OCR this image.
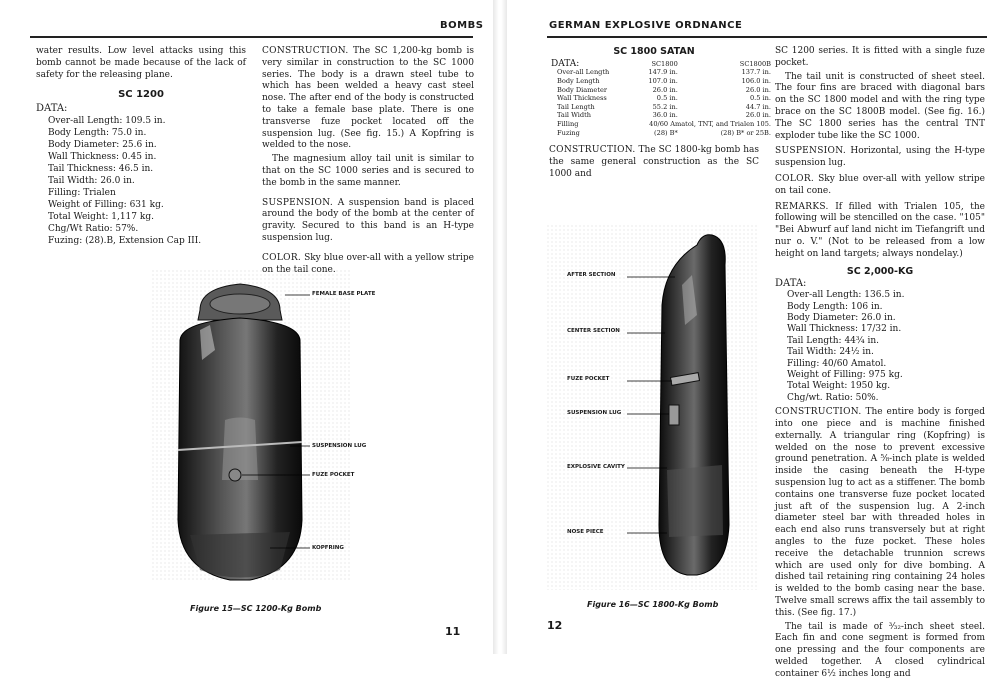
BOMBS

water results. Low level attacks using this bomb cannot be made because of the lack of safety for the releasing plane.

SC 1200
DATA:
Over-all Length: 109.5 in.
Body Length: 75.0 in.
Body Diameter: 25.6 in.
Wall Thickness: 0.45 in.
Tail Thickness: 46.5 in.
Tail Width: 26.0 in.
Filling: Trialen
Weight of Filling: 631 kg.
Total Weight: 1,117 kg.
Chg/Wt Ratio: 57%.
Fuzing: (28).B, Extension Cap III.

CONSTRUCTION. The SC 1,200-kg bomb is very similar in construction to the SC 1000 series. The body is a drawn steel tube to which has been welded a heavy cast steel nose. The after end of the body is constructed to take a female base plate. There is one transverse fuze pocket located off the suspension lug. (See fig. 15.) A Kopfring is welded to the nose.

The magnesium alloy tail unit is similar to that on the SC 1000 series and is secured to the bomb in the same manner.

SUSPENSION. A suspension band is placed around the body of the bomb at the center of gravity. Secured to this band is an H-type suspension lug.

COLOR. Sky blue over-all with a yellow stripe on the tail cone.

FEMALE BASE PLATE
SUSPENSION LUG
FUZE POCKET
KOPFRING
Figure 15—SC 1200-Kg Bomb
11
GERMAN EXPLOSIVE ORDNANCE
SC 1800 SATAN
DATA:	SC1800	SC1800B
Over-all Length	147.9 in.	137.7 in.
Body Length	107.0 in.	106.0 in.
Body Diameter	26.0 in.	26.0 in.
Wall Thickness	0.5 in.	0.5 in.
Tail Length	55.2 in.	44.7 in.
Tail Width	36.0 in.	26.0 in.
Filling	40/60 Amatol, TNT, and Trialen 105.	
Fuzing	(28) B*	(28) B* or 25B.

CONSTRUCTION. The SC 1800-kg bomb has the same general construction as the SC 1000 and

SC 1200 series. It is fitted with a single fuze pocket.

The tail unit is constructed of sheet steel. The four fins are braced with diagonal bars on the SC 1800 model and with the ring type brace on the SC 1800B model. (See fig. 16.) The SC 1800 series has the central TNT exploder tube like the SC 1000.

SUSPENSION. Horizontal, using the H-type suspension lug.

COLOR. Sky blue over-all with yellow stripe on tail cone.

REMARKS. If filled with Trialen 105, the following will be stencilled on the case. "105" "Bei Abwurf auf land nicht im Tiefangrift und nur o. V." (Not to be released from a low height on land targets; always nondelay.)

SC 2,000-KG
DATA:
Over-all Length: 136.5 in.
Body Length: 106 in.
Body Diameter: 26.0 in.
Wall Thickness: 17/32 in.
Tail Length: 44¾ in.
Tail Width: 24½ in.
Filling: 40/60 Amatol.
Weight of Filling: 975 kg.
Total Weight: 1950 kg.
Chg/wt. Ratio: 50%.

CONSTRUCTION. The entire body is forged into one piece and is machine finished externally. A triangular ring (Kopfring) is welded on the nose to prevent excessive ground penetration. A ⅝-inch plate is welded inside the casing beneath the H-type suspension lug to act as a stiffener. The bomb contains one transverse fuze pocket located just aft of the suspension lug. A 2-inch diameter steel bar with threaded holes in each end also runs transversely but at right angles to the fuze pocket. These holes receive the detachable trunnion screws which are used only for dive bombing. A dished tail retaining ring containing 24 holes is welded to the bomb casing near the base. Twelve small screws affix the tail assembly to this. (See fig. 17.)

The tail is made of ³⁄₃₂-inch sheet steel. Each fin and cone segment is formed from one pressing and the four components are welded together. A closed cylindrical container 6½ inches long and

AFTER SECTION
CENTER SECTION
FUZE POCKET
SUSPENSION LUG
EXPLOSIVE CAVITY
NOSE PIECE
Figure 16—SC 1800-Kg Bomb
12
